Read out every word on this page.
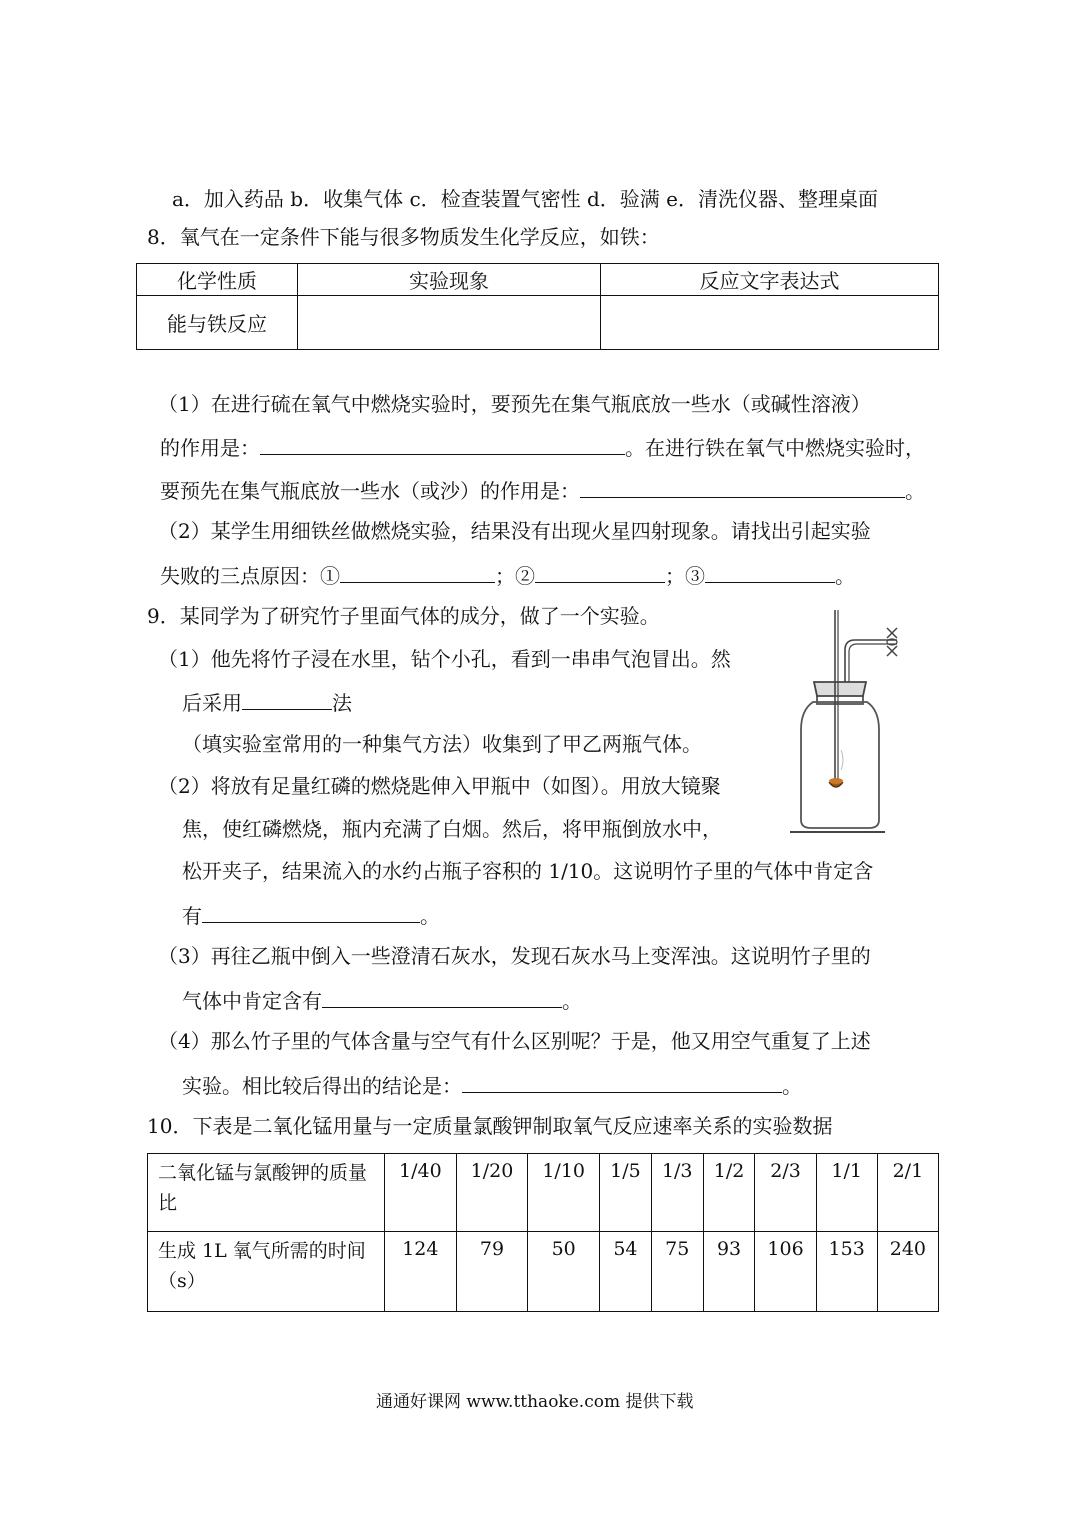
a．加入药品 b．收集气体 c．检查装置气密性 d．验满 e．清洗仪器、整理桌面
8．氧气在一定条件下能与很多物质发生化学反应，如铁：
化学性质	实验现象	反应文字表达式
能与铁反应		
（1）在进行硫在氧气中燃烧实验时，要预先在集气瓶底放一些水（或碱性溶液）
的作用是：	。在进行铁在氧气中燃烧实验时，
要预先在集气瓶底放一些水（或沙）的作用是：	。
（2）某学生用细铁丝做燃烧实验，结果没有出现火星四射现象。请找出引起实验
失败的三点原因：①	；②	；③	。
9．某同学为了研究竹子里面气体的成分，做了一个实验。
（1）他先将竹子浸在水里，钻个小孔，看到一串串气泡冒出。然
后采用	法
（填实验室常用的一种集气方法）收集到了甲乙两瓶气体。
（2）将放有足量红磷的燃烧匙伸入甲瓶中（如图）。用放大镜聚
焦，使红磷燃烧，瓶内充满了白烟。然后，将甲瓶倒放水中，
松开夹子，结果流入的水约占瓶子容积的 1/10。这说明竹子里的气体中肯定含
有	。
（3）再往乙瓶中倒入一些澄清石灰水，发现石灰水马上变浑浊。这说明竹子里的
气体中肯定含有	。
（4）那么竹子里的气体含量与空气有什么区别呢？于是，他又用空气重复了上述
实验。相比较后得出的结论是：	。
10．下表是二氧化锰用量与一定质量氯酸钾制取氧气反应速率关系的实验数据
二氧化锰与氯酸钾的质量比	1/40	1/20	1/10	1/5	1/3	1/2	2/3	1/1	2/1
生成 1L 氧气所需的时间（s）	124	79	50	54	75	93	106	153	240
通通好课网 www.tthaoke.com 提供下载
